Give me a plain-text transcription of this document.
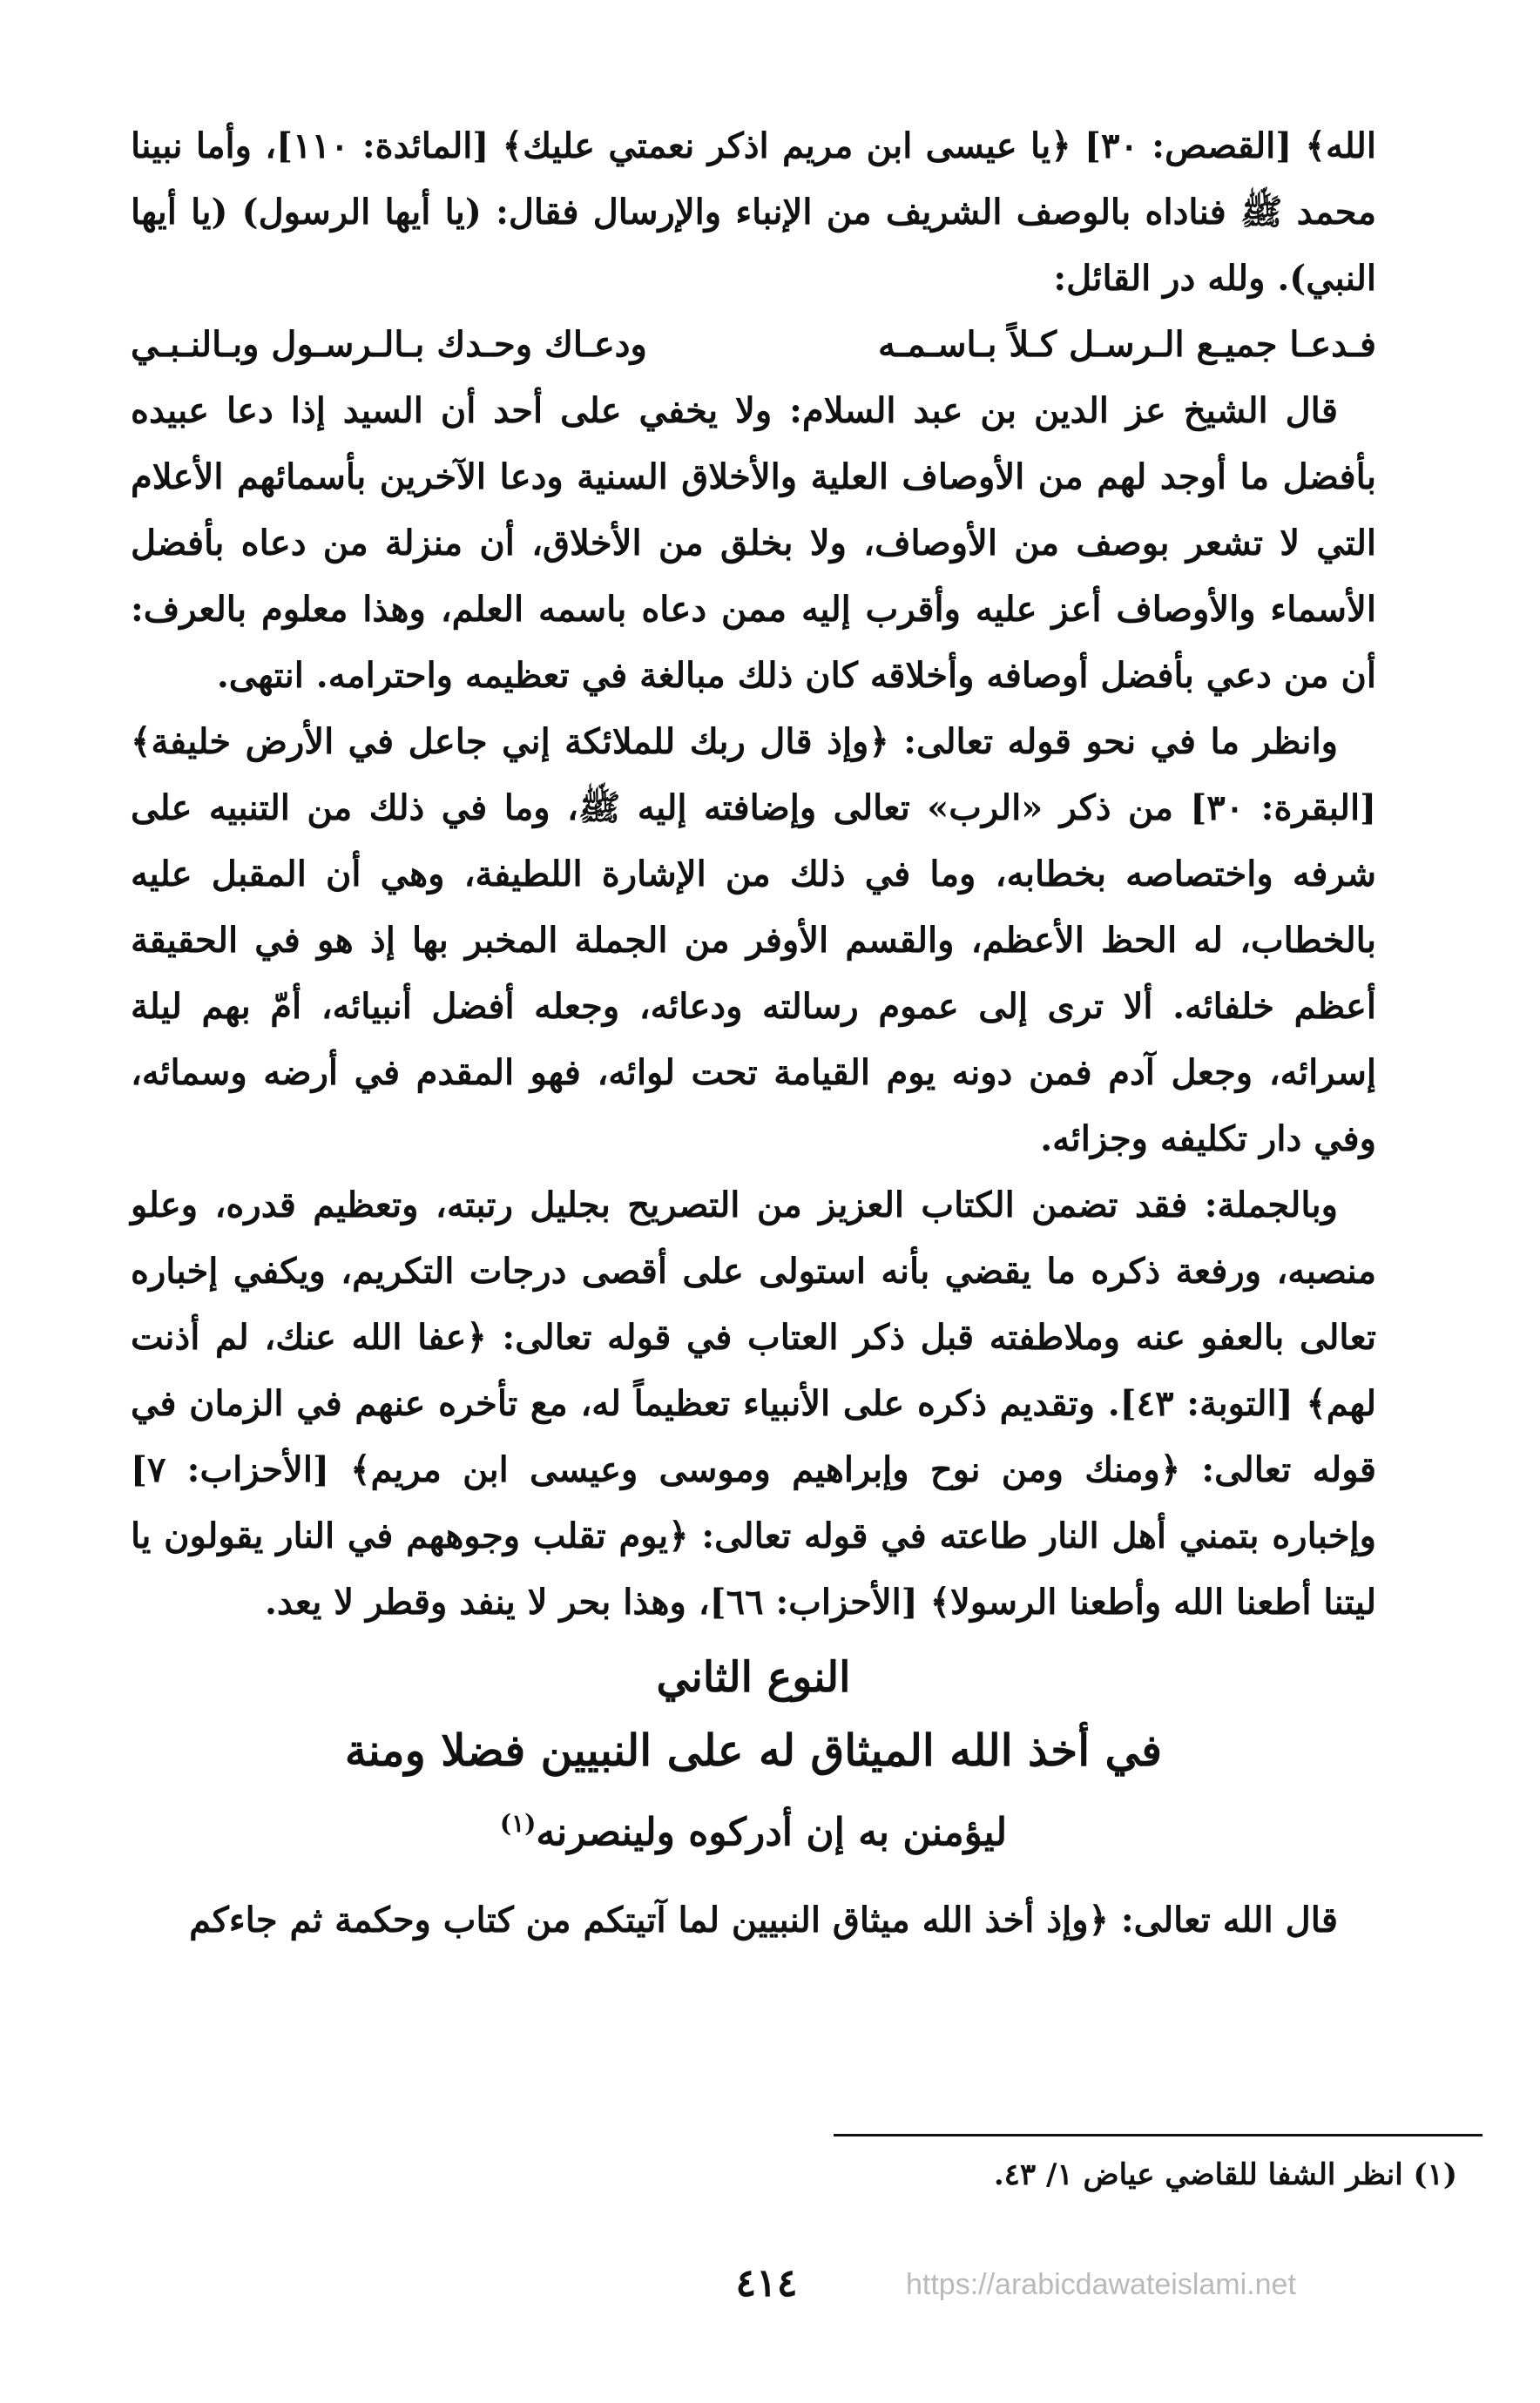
الله﴾ [القصص: ٣٠] ﴿يا عيسى ابن مريم اذكر نعمتي عليك﴾ [المائدة: ١١٠]، وأما نبينا محمد ﷺ فناداه بالوصف الشريف من الإنباء والإرسال فقال: (يا أيها الرسول) (يا أيها النبي). ولله در القائل:

فـدعـا جميـع الـرسـل كـلاً بـاسـمـه
ودعـاك وحـدك بـالـرسـول وبـالنـبـي

قال الشيخ عز الدين بن عبد السلام: ولا يخفي على أحد أن السيد إذا دعا عبيده بأفضل ما أوجد لهم من الأوصاف العلية والأخلاق السنية ودعا الآخرين بأسمائهم الأعلام التي لا تشعر بوصف من الأوصاف، ولا بخلق من الأخلاق، أن منزلة من دعاه بأفضل الأسماء والأوصاف أعز عليه وأقرب إليه ممن دعاه باسمه العلم، وهذا معلوم بالعرف: أن من دعي بأفضل أوصافه وأخلاقه كان ذلك مبالغة في تعظيمه واحترامه. انتهى.

وانظر ما في نحو قوله تعالى: ﴿وإذ قال ربك للملائكة إني جاعل في الأرض خليفة﴾ [البقرة: ٣٠] من ذكر «الرب» تعالى وإضافته إليه ﷺ، وما في ذلك من التنبيه على شرفه واختصاصه بخطابه، وما في ذلك من الإشارة اللطيفة، وهي أن المقبل عليه بالخطاب، له الحظ الأعظم، والقسم الأوفر من الجملة المخبر بها إذ هو في الحقيقة أعظم خلفائه. ألا ترى إلى عموم رسالته ودعائه، وجعله أفضل أنبيائه، أمّ بهم ليلة إسرائه، وجعل آدم فمن دونه يوم القيامة تحت لوائه، فهو المقدم في أرضه وسمائه، وفي دار تكليفه وجزائه.

وبالجملة: فقد تضمن الكتاب العزيز من التصريح بجليل رتبته، وتعظيم قدره، وعلو منصبه، ورفعة ذكره ما يقضي بأنه استولى على أقصى درجات التكريم، ويكفي إخباره تعالى بالعفو عنه وملاطفته قبل ذكر العتاب في قوله تعالى: ﴿عفا الله عنك، لم أذنت لهم﴾ [التوبة: ٤٣]. وتقديم ذكره على الأنبياء تعظيماً له، مع تأخره عنهم في الزمان في قوله تعالى: ﴿ومنك ومن نوح وإبراهيم وموسى وعيسى ابن مريم﴾ [الأحزاب: ٧] وإخباره بتمني أهل النار طاعته في قوله تعالى: ﴿يوم تقلب وجوههم في النار يقولون يا ليتنا أطعنا الله وأطعنا الرسولا﴾ [الأحزاب: ٦٦]، وهذا بحر لا ينفد وقطر لا يعد.

النوع الثاني

في أخذ الله الميثاق له على النبيين فضلا ومنة

ليؤمنن به إن أدركوه ولينصرنه$^{(١)}$

قال الله تعالى: ﴿وإذ أخذ الله ميثاق النبيين لما آتيتكم من كتاب وحكمة ثم جاءكم

(١) انظر الشفا للقاضي عياض ١/ ٤٣.
٤١٤	https://arabicdawateislami.net
